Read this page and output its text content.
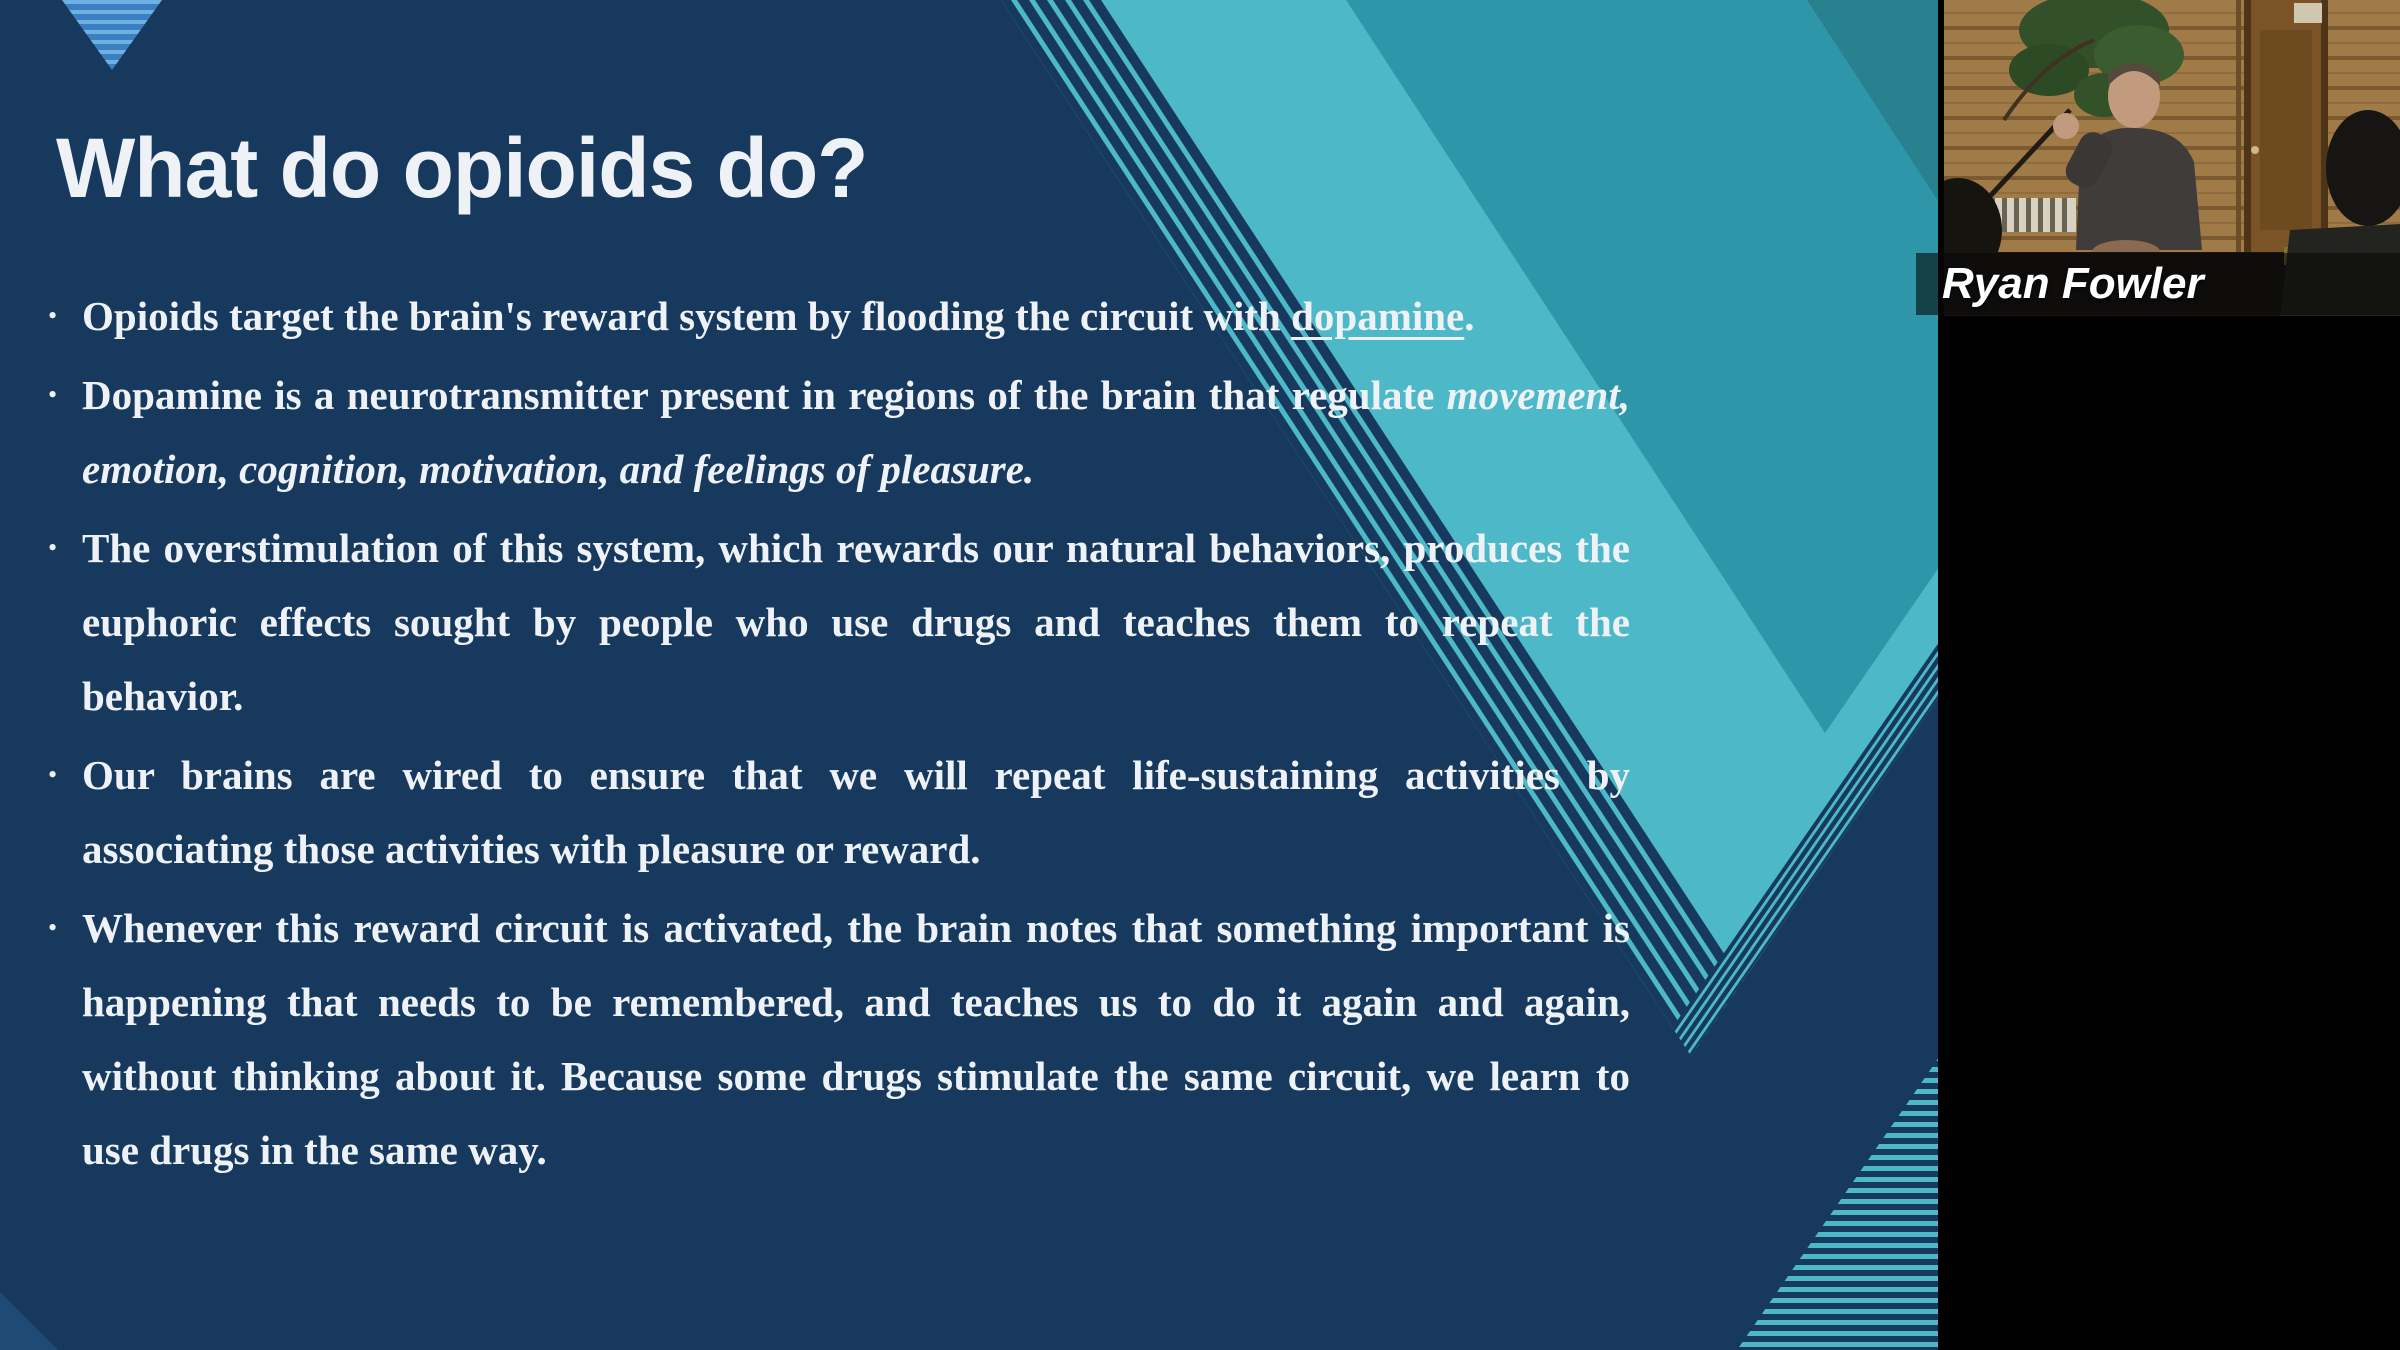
What do opioids do?
• Opioids target the brain's reward system by flooding the circuit with dopamine.

• Dopamine is a neurotransmitter present in regions of the brain that regulate movement, emotion, cognition, motivation, and feelings of pleasure.

• The overstimulation of this system, which rewards our natural behaviors, produces the euphoric effects sought by people who use drugs and teaches them to repeat the behavior.

• Our brains are wired to ensure that we will repeat life-sustaining activities by associating those activities with pleasure or reward.

• Whenever this reward circuit is activated, the brain notes that something important is happening that needs to be remembered, and teaches us to do it again and again, without thinking about it. Because some drugs stimulate the same circuit, we learn to use drugs in the same way.

Ryan Fowler
